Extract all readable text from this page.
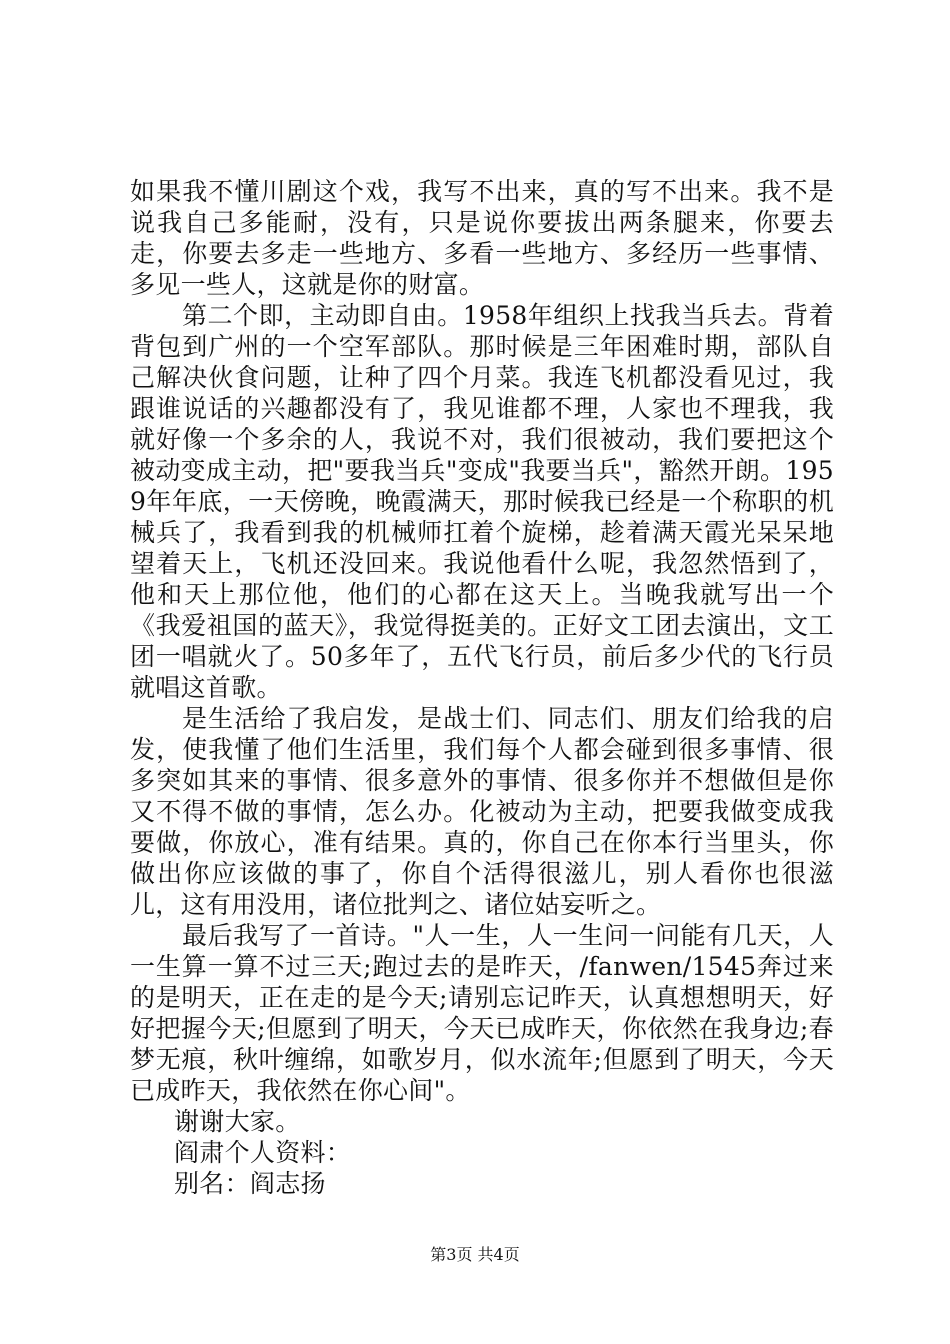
如果我不懂川剧这个戏，我写不出来，真的写不出来。我不是说我自己多能耐，没有，只是说你要拔出两条腿来，你要去走，你要去多走一些地方、多看一些地方、多经历一些事情、多见一些人，这就是你的财富。

第二个即，主动即自由。1958年组织上找我当兵去。背着背包到广州的一个空军部队。那时候是三年困难时期，部队自己解决伙食问题，让种了四个月菜。我连飞机都没看见过，我跟谁说话的兴趣都没有了，我见谁都不理，人家也不理我，我就好像一个多余的人，我说不对，我们很被动，我们要把这个被动变成主动，把"要我当兵"变成"我要当兵"，豁然开朗。1959年年底，一天傍晚，晚霞满天，那时候我已经是一个称职的机械兵了，我看到我的机械师扛着个旋梯，趁着满天霞光呆呆地望着天上，飞机还没回来。我说他看什么呢，我忽然悟到了，他和天上那位他，他们的心都在这天上。当晚我就写出一个《我爱祖国的蓝天》，我觉得挺美的。正好文工团去演出，文工团一唱就火了。50多年了，五代飞行员，前后多少代的飞行员就唱这首歌。

是生活给了我启发，是战士们、同志们、朋友们给我的启发，使我懂了他们生活里，我们每个人都会碰到很多事情、很多突如其来的事情、很多意外的事情、很多你并不想做但是你又不得不做的事情，怎么办。化被动为主动，把要我做变成我要做，你放心，准有结果。真的，你自己在你本行当里头，你做出你应该做的事了，你自个活得很滋儿，别人看你也很滋儿，这有用没用，诸位批判之、诸位姑妄听之。

最后我写了一首诗。"人一生，人一生问一问能有几天，人一生算一算不过三天;跑过去的是昨天，/fanwen/1545奔过来的是明天，正在走的是今天;请别忘记昨天，认真想想明天，好好把握今天;但愿到了明天，今天已成昨天，你依然在我身边;春梦无痕，秋叶缠绵，如歌岁月，似水流年;但愿到了明天，今天已成昨天，我依然在你心间"。

谢谢大家。

阎肃个人资料：

别名：阎志扬

第3页 共4页
